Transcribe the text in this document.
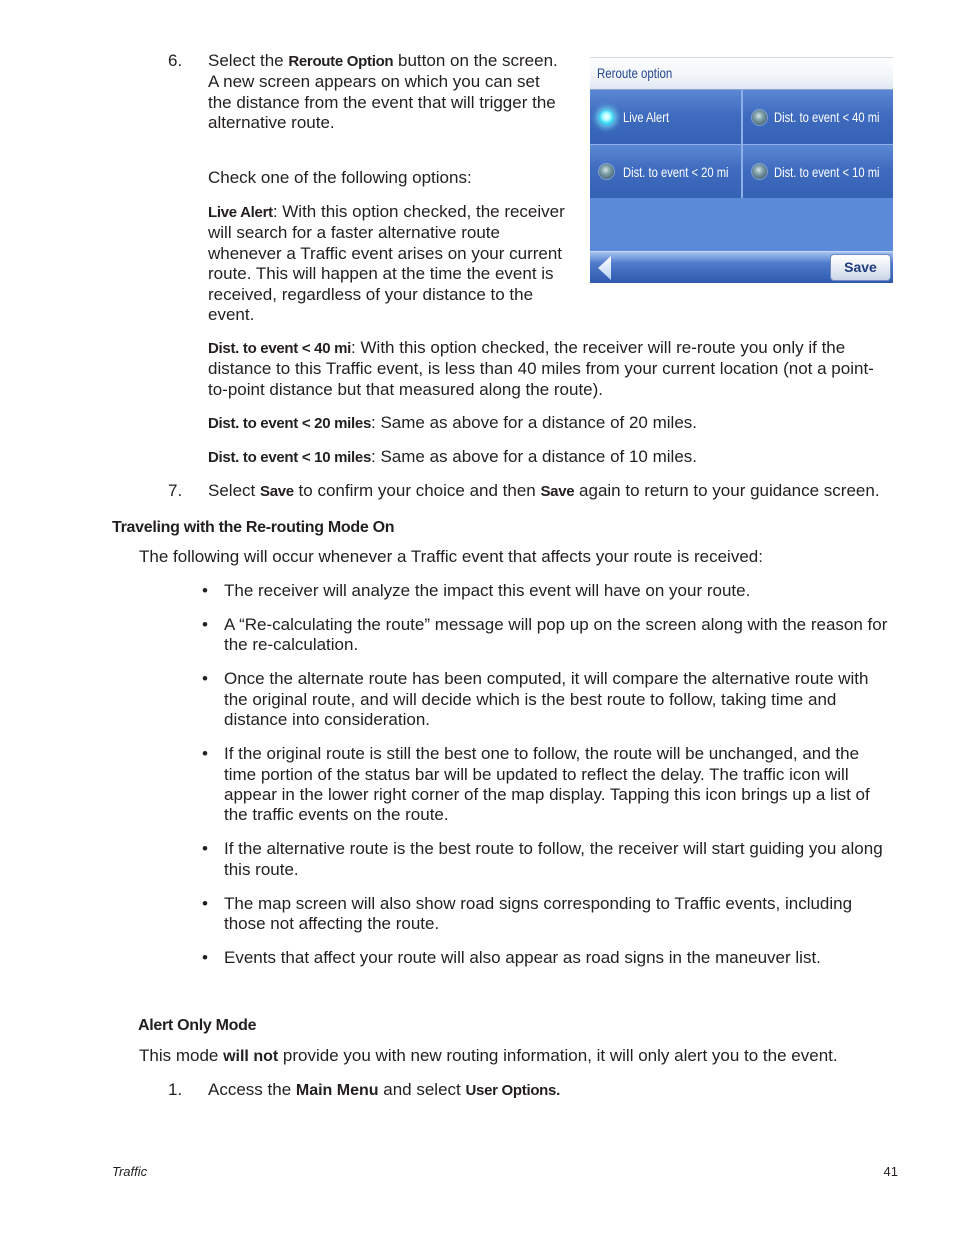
6. Select the Reroute Option button on the screen. A new screen appears on which you can set the distance from the event that will trigger the alternative route.

Reroute option
Live Alert	Dist. to event < 40 mi
Dist. to event < 20 mi	Dist. to event < 10 mi
Save

Check one of the following options:

Live Alert: With this option checked, the receiver will search for a faster alternative route whenever a Traffic event arises on your current route. This will happen at the time the event is received, regardless of your distance to the event.

Dist. to event < 40 mi: With this option checked, the receiver will re-route you only if the distance to this Traffic event, is less than 40 miles from your current location (not a point-to-point distance but that measured along the route).

Dist. to event < 20 miles: Same as above for a distance of 20 miles.

Dist. to event < 10 miles: Same as above for a distance of 10 miles.

7. Select Save to confirm your choice and then Save again to return to your guidance screen.

Traveling with the Re-routing Mode On

The following will occur whenever a Traffic event that affects your route is received:

• The receiver will analyze the impact this event will have on your route.
• A “Re-calculating the route” message will pop up on the screen along with the reason for the re-calculation.
• Once the alternate route has been computed, it will compare the alternative route with the original route, and will decide which is the best route to follow, taking time and distance into consideration.
• If the original route is still the best one to follow, the route will be unchanged, and the time portion of the status bar will be updated to reflect the delay. The traffic icon will appear in the lower right corner of the map display. Tapping this icon brings up a list of the traffic events on the route.
• If the alternative route is the best route to follow, the receiver will start guiding you along this route.
• The map screen will also show road signs corresponding to Traffic events, including those not affecting the route.
• Events that affect your route will also appear as road signs in the maneuver list.
Alert Only Mode

This mode will not provide you with new routing information, it will only alert you to the event.

1. Access the Main Menu and select User Options.

Traffic	41
